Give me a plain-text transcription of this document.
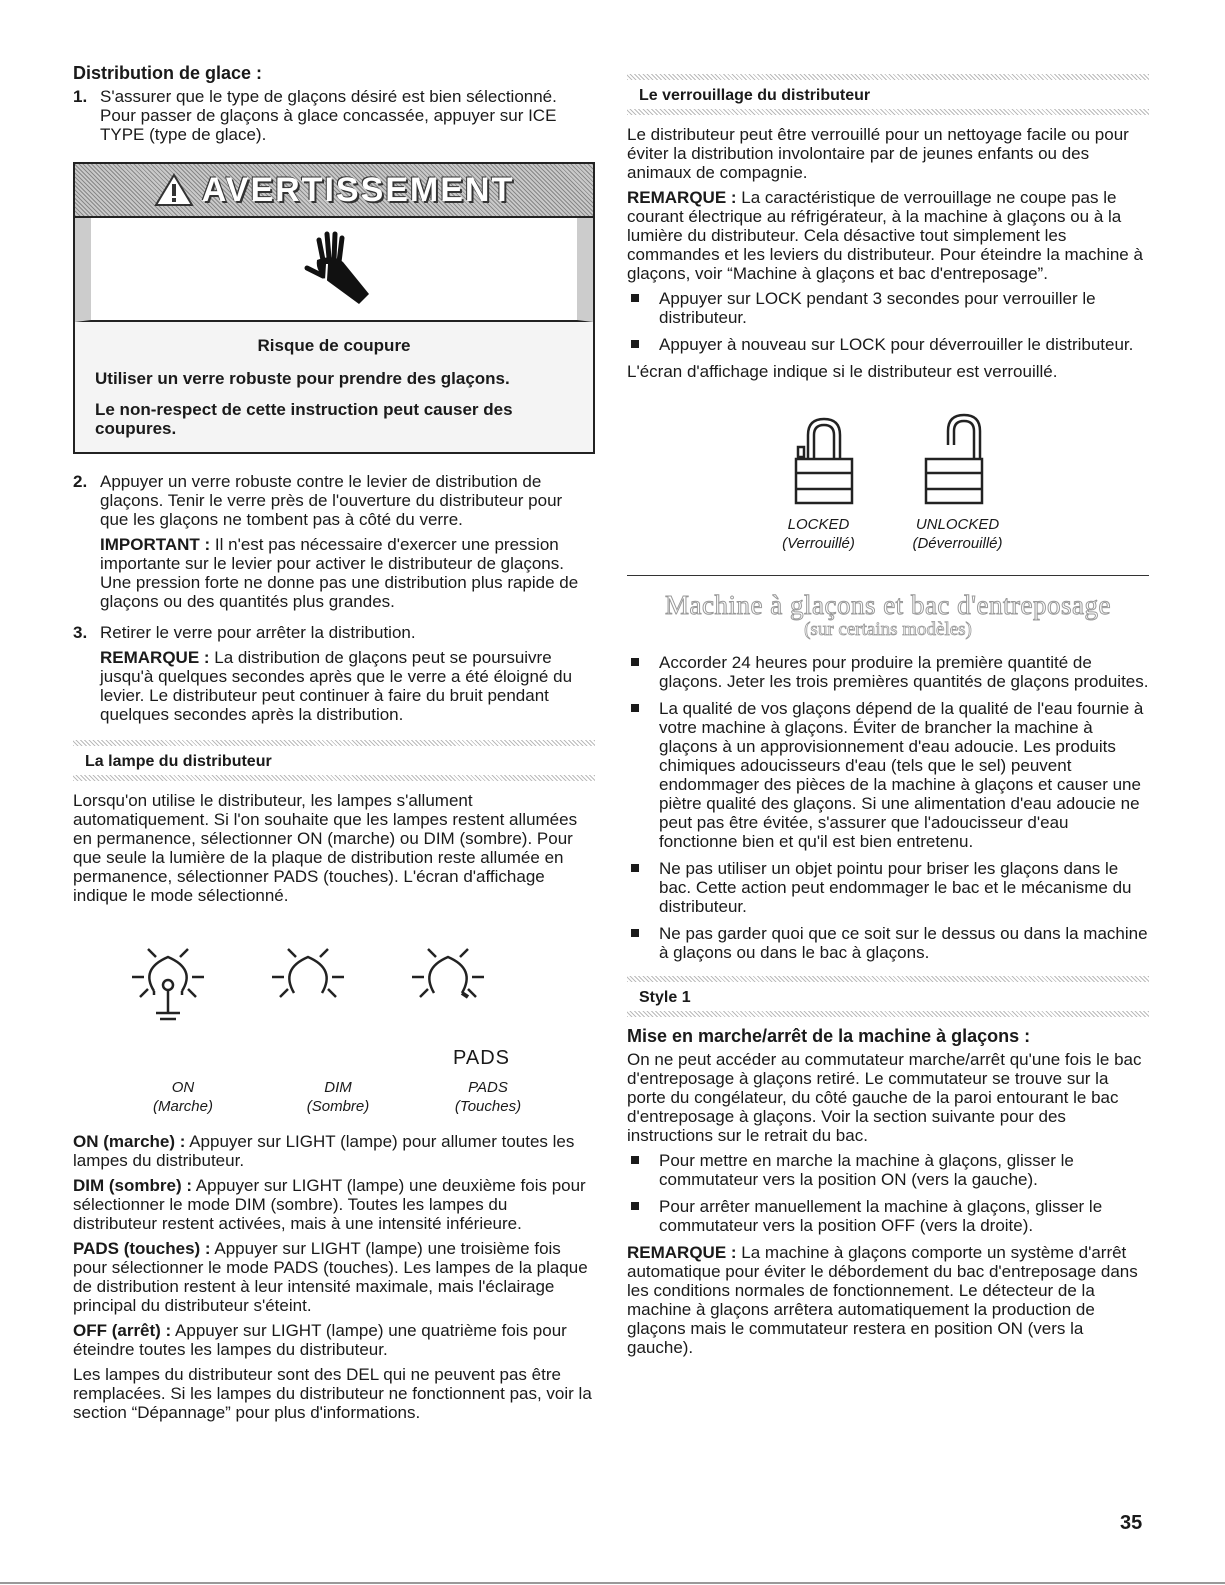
Distribution de glace :
1. S'assurer que le type de glaçons désiré est bien sélectionné. Pour passer de glaçons à glace concassée, appuyer sur ICE TYPE (type de glace).

AVERTISSEMENT
Risque de coupure

Utiliser un verre robuste pour prendre des glaçons.

Le non-respect de cette instruction peut causer des coupures.

2. Appuyer un verre robuste contre le levier de distribution de glaçons. Tenir le verre près de l'ouverture du distributeur pour que les glaçons ne tombent pas à côté du verre.

IMPORTANT : Il n'est pas nécessaire d'exercer une pression importante sur le levier pour activer le distributeur de glaçons. Une pression forte ne donne pas une distribution plus rapide de glaçons ou des quantités plus grandes.

3. Retirer le verre pour arrêter la distribution.

REMARQUE : La distribution de glaçons peut se poursuivre jusqu'à quelques secondes après que le verre a été éloigné du levier. Le distributeur peut continuer à faire du bruit pendant quelques secondes après la distribution.

La lampe du distributeur

Lorsqu'on utilise le distributeur, les lampes s'allument automatiquement. Si l'on souhaite que les lampes restent allumées en permanence, sélectionner ON (marche) ou DIM (sombre). Pour que seule la lumière de la plaque de distribution reste allumée en permanence, sélectionner PADS (touches). L'écran d'affichage indique le mode sélectionné.

PADS
ON
(Marche)
DIM
(Sombre)
PADS
(Touches)

ON (marche) : Appuyer sur LIGHT (lampe) pour allumer toutes les lampes du distributeur.

DIM (sombre) : Appuyer sur LIGHT (lampe) une deuxième fois pour sélectionner le mode DIM (sombre). Toutes les lampes du distributeur restent activées, mais à une intensité inférieure.

PADS (touches) : Appuyer sur LIGHT (lampe) une troisième fois pour sélectionner le mode PADS (touches). Les lampes de la plaque de distribution restent à leur intensité maximale, mais l'éclairage principal du distributeur s'éteint.

OFF (arrêt) : Appuyer sur LIGHT (lampe) une quatrième fois pour éteindre toutes les lampes du distributeur.

Les lampes du distributeur sont des DEL qui ne peuvent pas être remplacées. Si les lampes du distributeur ne fonctionnent pas, voir la section “Dépannage” pour plus d'informations.

Le verrouillage du distributeur

Le distributeur peut être verrouillé pour un nettoyage facile ou pour éviter la distribution involontaire par de jeunes enfants ou des animaux de compagnie.

REMARQUE : La caractéristique de verrouillage ne coupe pas le courant électrique au réfrigérateur, à la machine à glaçons ou à la lumière du distributeur. Cela désactive tout simplement les commandes et les leviers du distributeur. Pour éteindre la machine à glaçons, voir “Machine à glaçons et bac d'entreposage”.

Appuyer sur LOCK pendant 3 secondes pour verrouiller le distributeur.
Appuyer à nouveau sur LOCK pour déverrouiller le distributeur.

L'écran d'affichage indique si le distributeur est verrouillé.

LOCKED
(Verrouillé)
UNLOCKED
(Déverrouillé)
Machine à glaçons et bac d'entreposage
(sur certains modèles)
Accorder 24 heures pour produire la première quantité de glaçons. Jeter les trois premières quantités de glaçons produites.
La qualité de vos glaçons dépend de la qualité de l'eau fournie à votre machine à glaçons. Éviter de brancher la machine à glaçons à un approvisionnement d'eau adoucie. Les produits chimiques adoucisseurs d'eau (tels que le sel) peuvent endommager des pièces de la machine à glaçons et causer une piètre qualité des glaçons. Si une alimentation d'eau adoucie ne peut pas être évitée, s'assurer que l'adoucisseur d'eau fonctionne bien et qu'il est bien entretenu.
Ne pas utiliser un objet pointu pour briser les glaçons dans le bac. Cette action peut endommager le bac et le mécanisme du distributeur.
Ne pas garder quoi que ce soit sur le dessus ou dans la machine à glaçons ou dans le bac à glaçons.
Style 1
Mise en marche/arrêt de la machine à glaçons :

On ne peut accéder au commutateur marche/arrêt qu'une fois le bac d'entreposage à glaçons retiré. Le commutateur se trouve sur la porte du congélateur, du côté gauche de la paroi entourant le bac d'entreposage à glaçons. Voir la section suivante pour des instructions sur le retrait du bac.

Pour mettre en marche la machine à glaçons, glisser le commutateur vers la position ON (vers la gauche).
Pour arrêter manuellement la machine à glaçons, glisser le commutateur vers la position OFF (vers la droite).

REMARQUE : La machine à glaçons comporte un système d'arrêt automatique pour éviter le débordement du bac d'entreposage dans les conditions normales de fonctionnement. Le détecteur de la machine à glaçons arrêtera automatiquement la production de glaçons mais le commutateur restera en position ON (vers la gauche).

35
